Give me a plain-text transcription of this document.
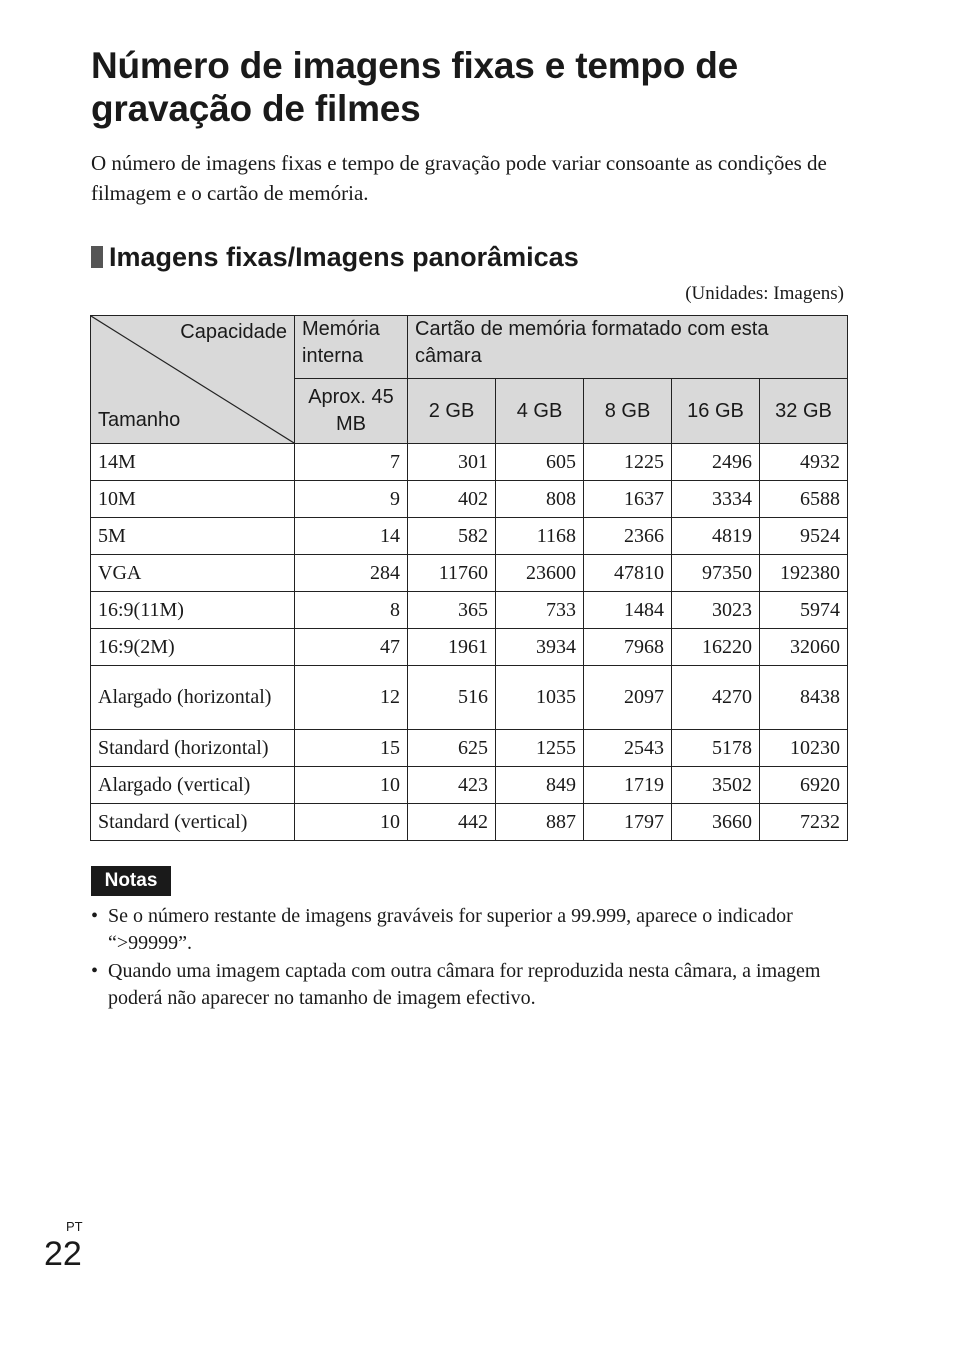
Número de imagens fixas e tempo de gravação de filmes

O número de imagens fixas e tempo de gravação pode variar consoante as condições de filmagem e o cartão de memória.

Imagens fixas/Imagens panorâmicas
(Unidades: Imagens)
Capacidade
Tamanho	Memória interna	Cartão de memória formatado com esta câmara				
	Aprox. 45 MB	2 GB	4 GB	8 GB	16 GB	32 GB
14M	7	301	605	1225	2496	4932
10M	9	402	808	1637	3334	6588
5M	14	582	1168	2366	4819	9524
VGA	284	11760	23600	47810	97350	192380
16:9(11M)	8	365	733	1484	3023	5974
16:9(2M)	47	1961	3934	7968	16220	32060
Alargado (horizontal)	12	516	1035	2097	4270	8438
Standard (horizontal)	15	625	1255	2543	5178	10230
Alargado (vertical)	10	423	849	1719	3502	6920
Standard (vertical)	10	442	887	1797	3660	7232
Notas
• Se o número restante de imagens graváveis for superior a 99.999, aparece o indicador “>99999”.
• Quando uma imagem captada com outra câmara for reproduzida nesta câmara, a imagem poderá não aparecer no tamanho de imagem efectivo.
PT
22
